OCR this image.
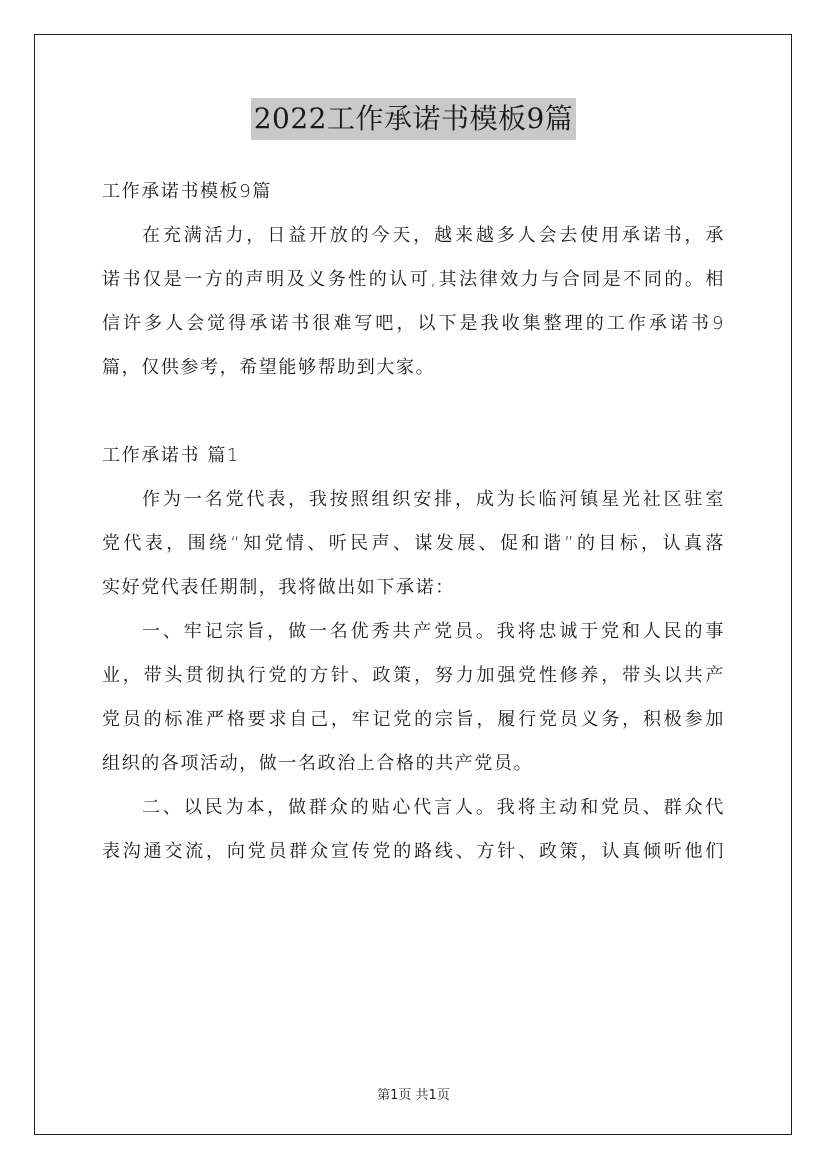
2022工作承诺书模板9篇
工作承诺书模板9篇
在充满活力，日益开放的今天，越来越多人会去使用承诺书，承
诺书仅是一方的声明及义务性的认可,其法律效力与合同是不同的。相
信许多人会觉得承诺书很难写吧，以下是我收集整理的工作承诺书9
篇，仅供参考，希望能够帮助到大家。
工作承诺书 篇1
作为一名党代表，我按照组织安排，成为长临河镇星光社区驻室
党代表，围绕“知党情、听民声、谋发展、促和谐”的目标，认真落
实好党代表任期制，我将做出如下承诺：
一、牢记宗旨，做一名优秀共产党员。我将忠诚于党和人民的事
业，带头贯彻执行党的方针、政策，努力加强党性修养，带头以共产
党员的标准严格要求自己，牢记党的宗旨，履行党员义务，积极参加
组织的各项活动，做一名政治上合格的共产党员。
二、以民为本，做群众的贴心代言人。我将主动和党员、群众代
表沟通交流，向党员群众宣传党的路线、方针、政策，认真倾听他们
第1页 共1页
